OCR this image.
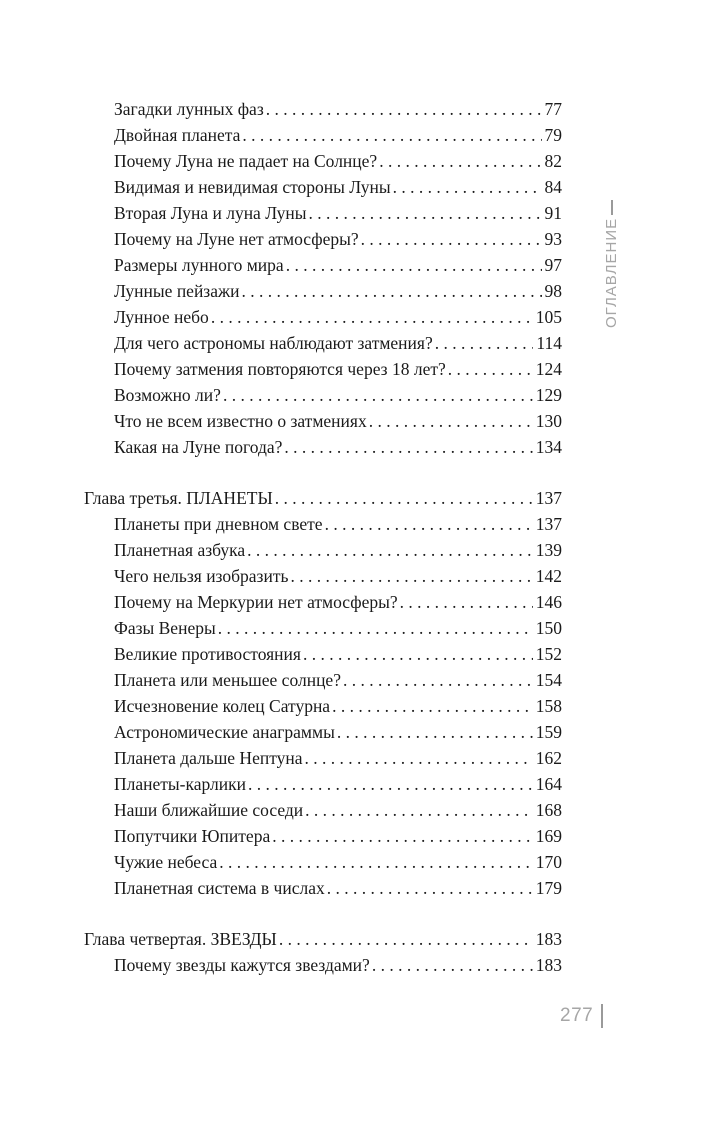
Загадки лунных фаз . . .	77
Двойная планета . . .	79
Почему Луна не падает на Солнце? . . .	82
Видимая и невидимая стороны Луны . . .	84
Вторая Луна и луна Луны . . .	91
Почему на Луне нет атмосферы? . . .	93
Размеры лунного мира . . .	97
Лунные пейзажи . . .	98
Лунное небо . . .	105
Для чего астрономы наблюдают затмения? . . .	114
Почему затмения повторяются через 18 лет? . . .	124
Возможно ли? . . .	129
Что не всем известно о затмениях . . .	130
Какая на Луне погода? . . .	134
Глава третья. ПЛАНЕТЫ . . .	137
Планеты при дневном свете . . .	137
Планетная азбука . . .	139
Чего нельзя изобразить . . .	142
Почему на Меркурии нет атмосферы? . . .	146
Фазы Венеры . . .	150
Великие противостояния . . .	152
Планета или меньшее солнце? . . .	154
Исчезновение колец Сатурна . . .	158
Астрономические анаграммы . . .	159
Планета дальше Нептуна . . .	162
Планеты-карлики . . .	164
Наши ближайшие соседи . . .	168
Попутчики Юпитера . . .	169
Чужие небеса . . .	170
Планетная система в числах . . .	179
Глава четвертая. ЗВЕЗДЫ . . .	183
Почему звезды кажутся звездами? . . .	183
ОГЛАВЛЕНИЕ
277
